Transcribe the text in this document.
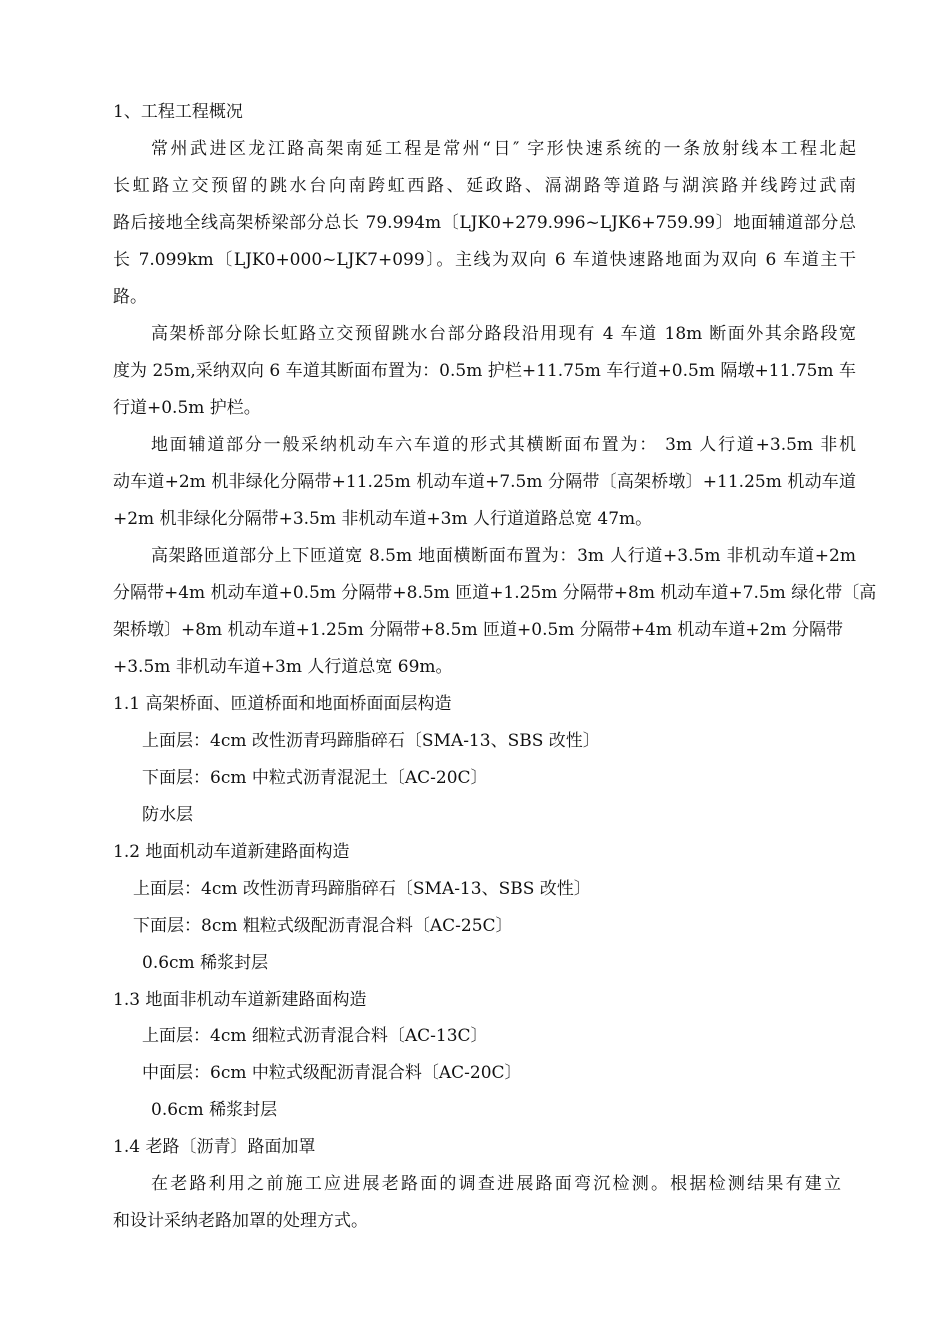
1、工程工程概况
常州武进区龙江路高架南延工程是常州“日″ 字形快速系统的一条放射线本工程北起
长虹路立交预留的跳水台向南跨虹西路、延政路、滆湖路等道路与湖滨路并线跨过武南
路后接地全线高架桥梁部分总长 79.994m〔LJK0+279.996~LJK6+759.99〕地面辅道部分总
长 7.099km〔LJK0+000~LJK7+099〕。主线为双向 6 车道快速路地面为双向 6 车道主干
路。
高架桥部分除长虹路立交预留跳水台部分路段沿用现有 4 车道 18m 断面外其余路段宽
度为 25m,采纳双向 6 车道其断面布置为：0.5m 护栏+11.75m 车行道+0.5m 隔墩+11.75m 车
行道+0.5m 护栏。
地面辅道部分一般采纳机动车六车道的形式其横断面布置为： 3m 人行道+3.5m 非机
动车道+2m 机非绿化分隔带+11.25m 机动车道+7.5m 分隔带〔高架桥墩〕+11.25m 机动车道
+2m 机非绿化分隔带+3.5m 非机动车道+3m 人行道道路总宽 47m。
高架路匝道部分上下匝道宽 8.5m 地面横断面布置为：3m 人行道+3.5m 非机动车道+2m
分隔带+4m 机动车道+0.5m 分隔带+8.5m 匝道+1.25m 分隔带+8m 机动车道+7.5m 绿化带〔高
架桥墩〕+8m 机动车道+1.25m 分隔带+8.5m 匝道+0.5m 分隔带+4m 机动车道+2m 分隔带
+3.5m 非机动车道+3m 人行道总宽 69m。
1.1 高架桥面、匝道桥面和地面桥面面层构造
上面层：4cm 改性沥青玛蹄脂碎石〔SMA-13、SBS 改性〕
下面层：6cm 中粒式沥青混泥土〔AC-20C〕
防水层
1.2 地面机动车道新建路面构造
上面层：4cm 改性沥青玛蹄脂碎石〔SMA-13、SBS 改性〕
下面层：8cm 粗粒式级配沥青混合料〔AC-25C〕
0.6cm 稀浆封层
1.3 地面非机动车道新建路面构造
上面层：4cm 细粒式沥青混合料〔AC-13C〕
中面层：6cm 中粒式级配沥青混合料〔AC-20C〕
0.6cm 稀浆封层
1.4 老路〔沥青〕路面加罩
在老路利用之前施工应进展老路面的调查进展路面弯沉检测。根据检测结果有建立
和设计采纳老路加罩的处理方式。
